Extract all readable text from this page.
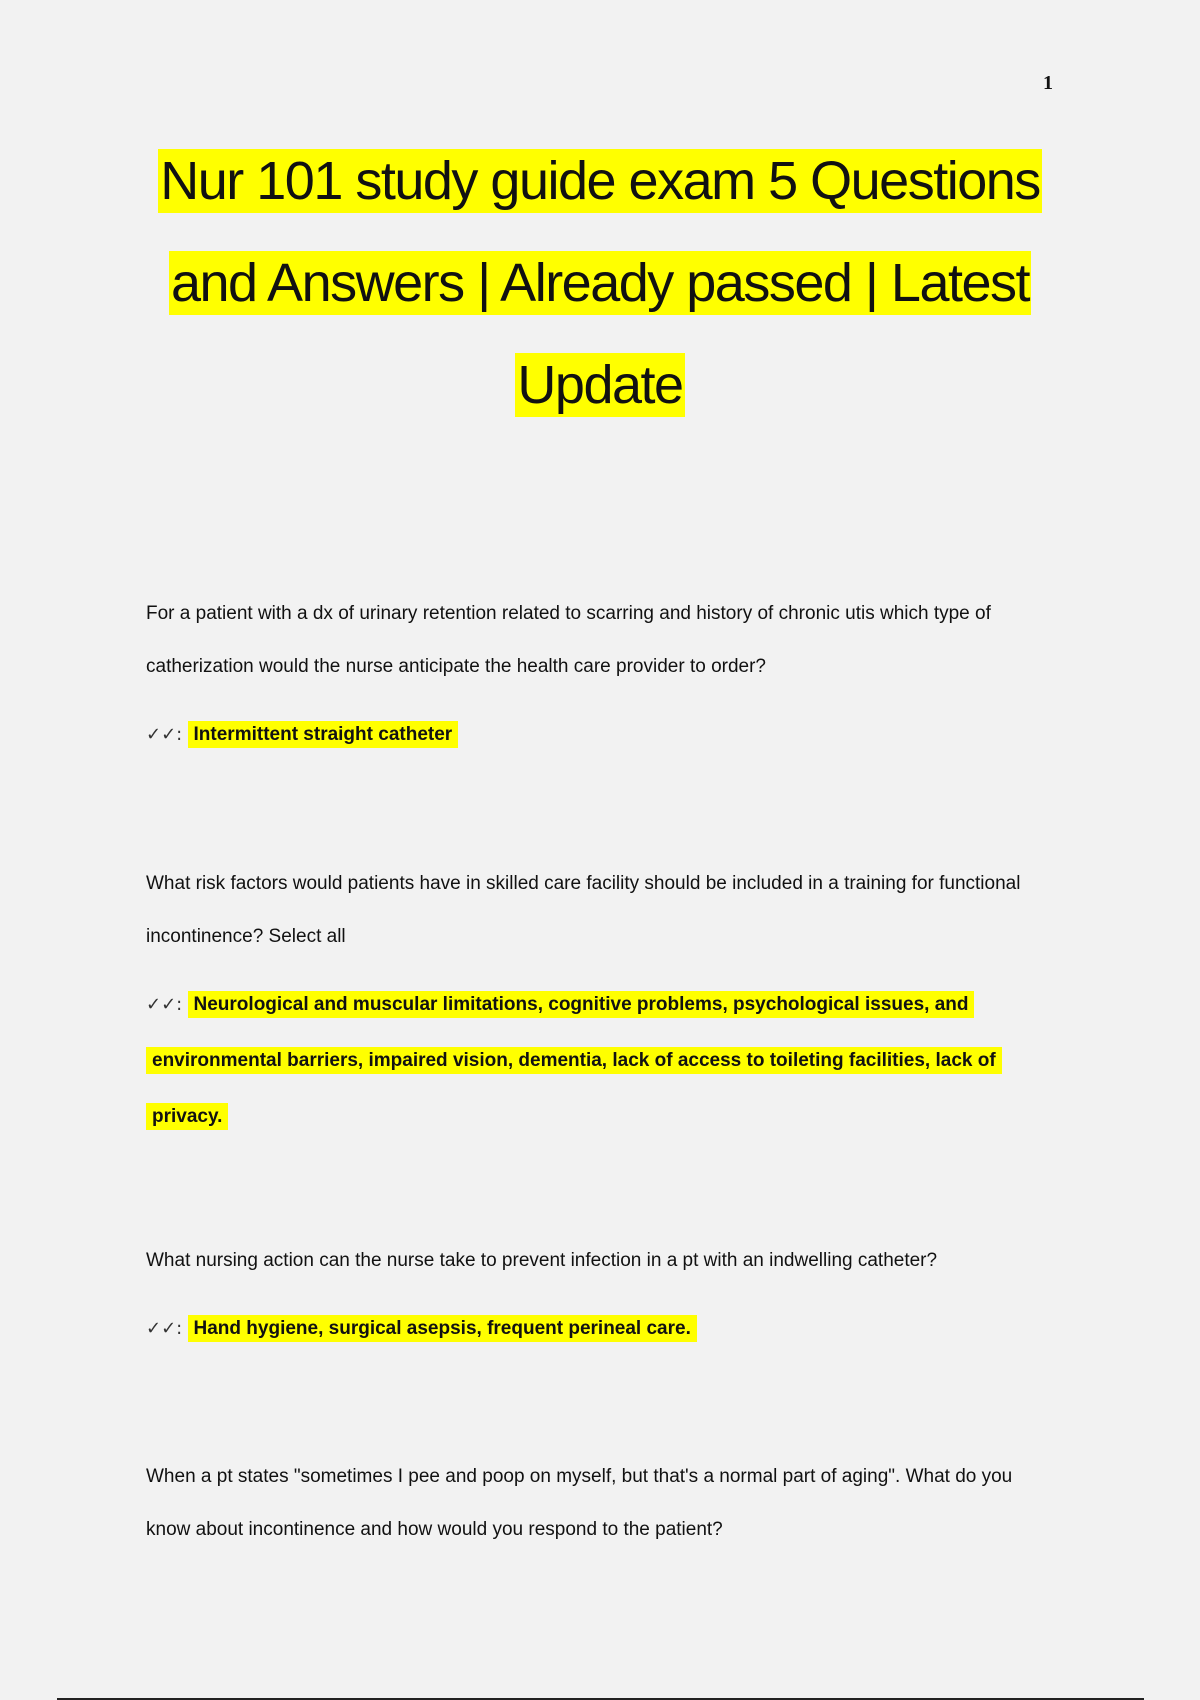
1
Nur 101 study guide exam 5 Questions and Answers | Already passed | Latest Update

For a patient with a dx of urinary retention related to scarring and history of chronic utis which type of catherization would the nurse anticipate the health care provider to order?

✓✓: Intermittent straight catheter

What risk factors would patients have in skilled care facility should be included in a training for functional incontinence? Select all

✓✓: Neurological and muscular limitations, cognitive problems, psychological issues, and environmental barriers, impaired vision, dementia, lack of access to toileting facilities, lack of privacy.

What nursing action can the nurse take to prevent infection in a pt with an indwelling catheter?

✓✓: Hand hygiene, surgical asepsis, frequent perineal care.

When a pt states "sometimes I pee and poop on myself, but that's a normal part of aging". What do you know about incontinence and how would you respond to the patient?
